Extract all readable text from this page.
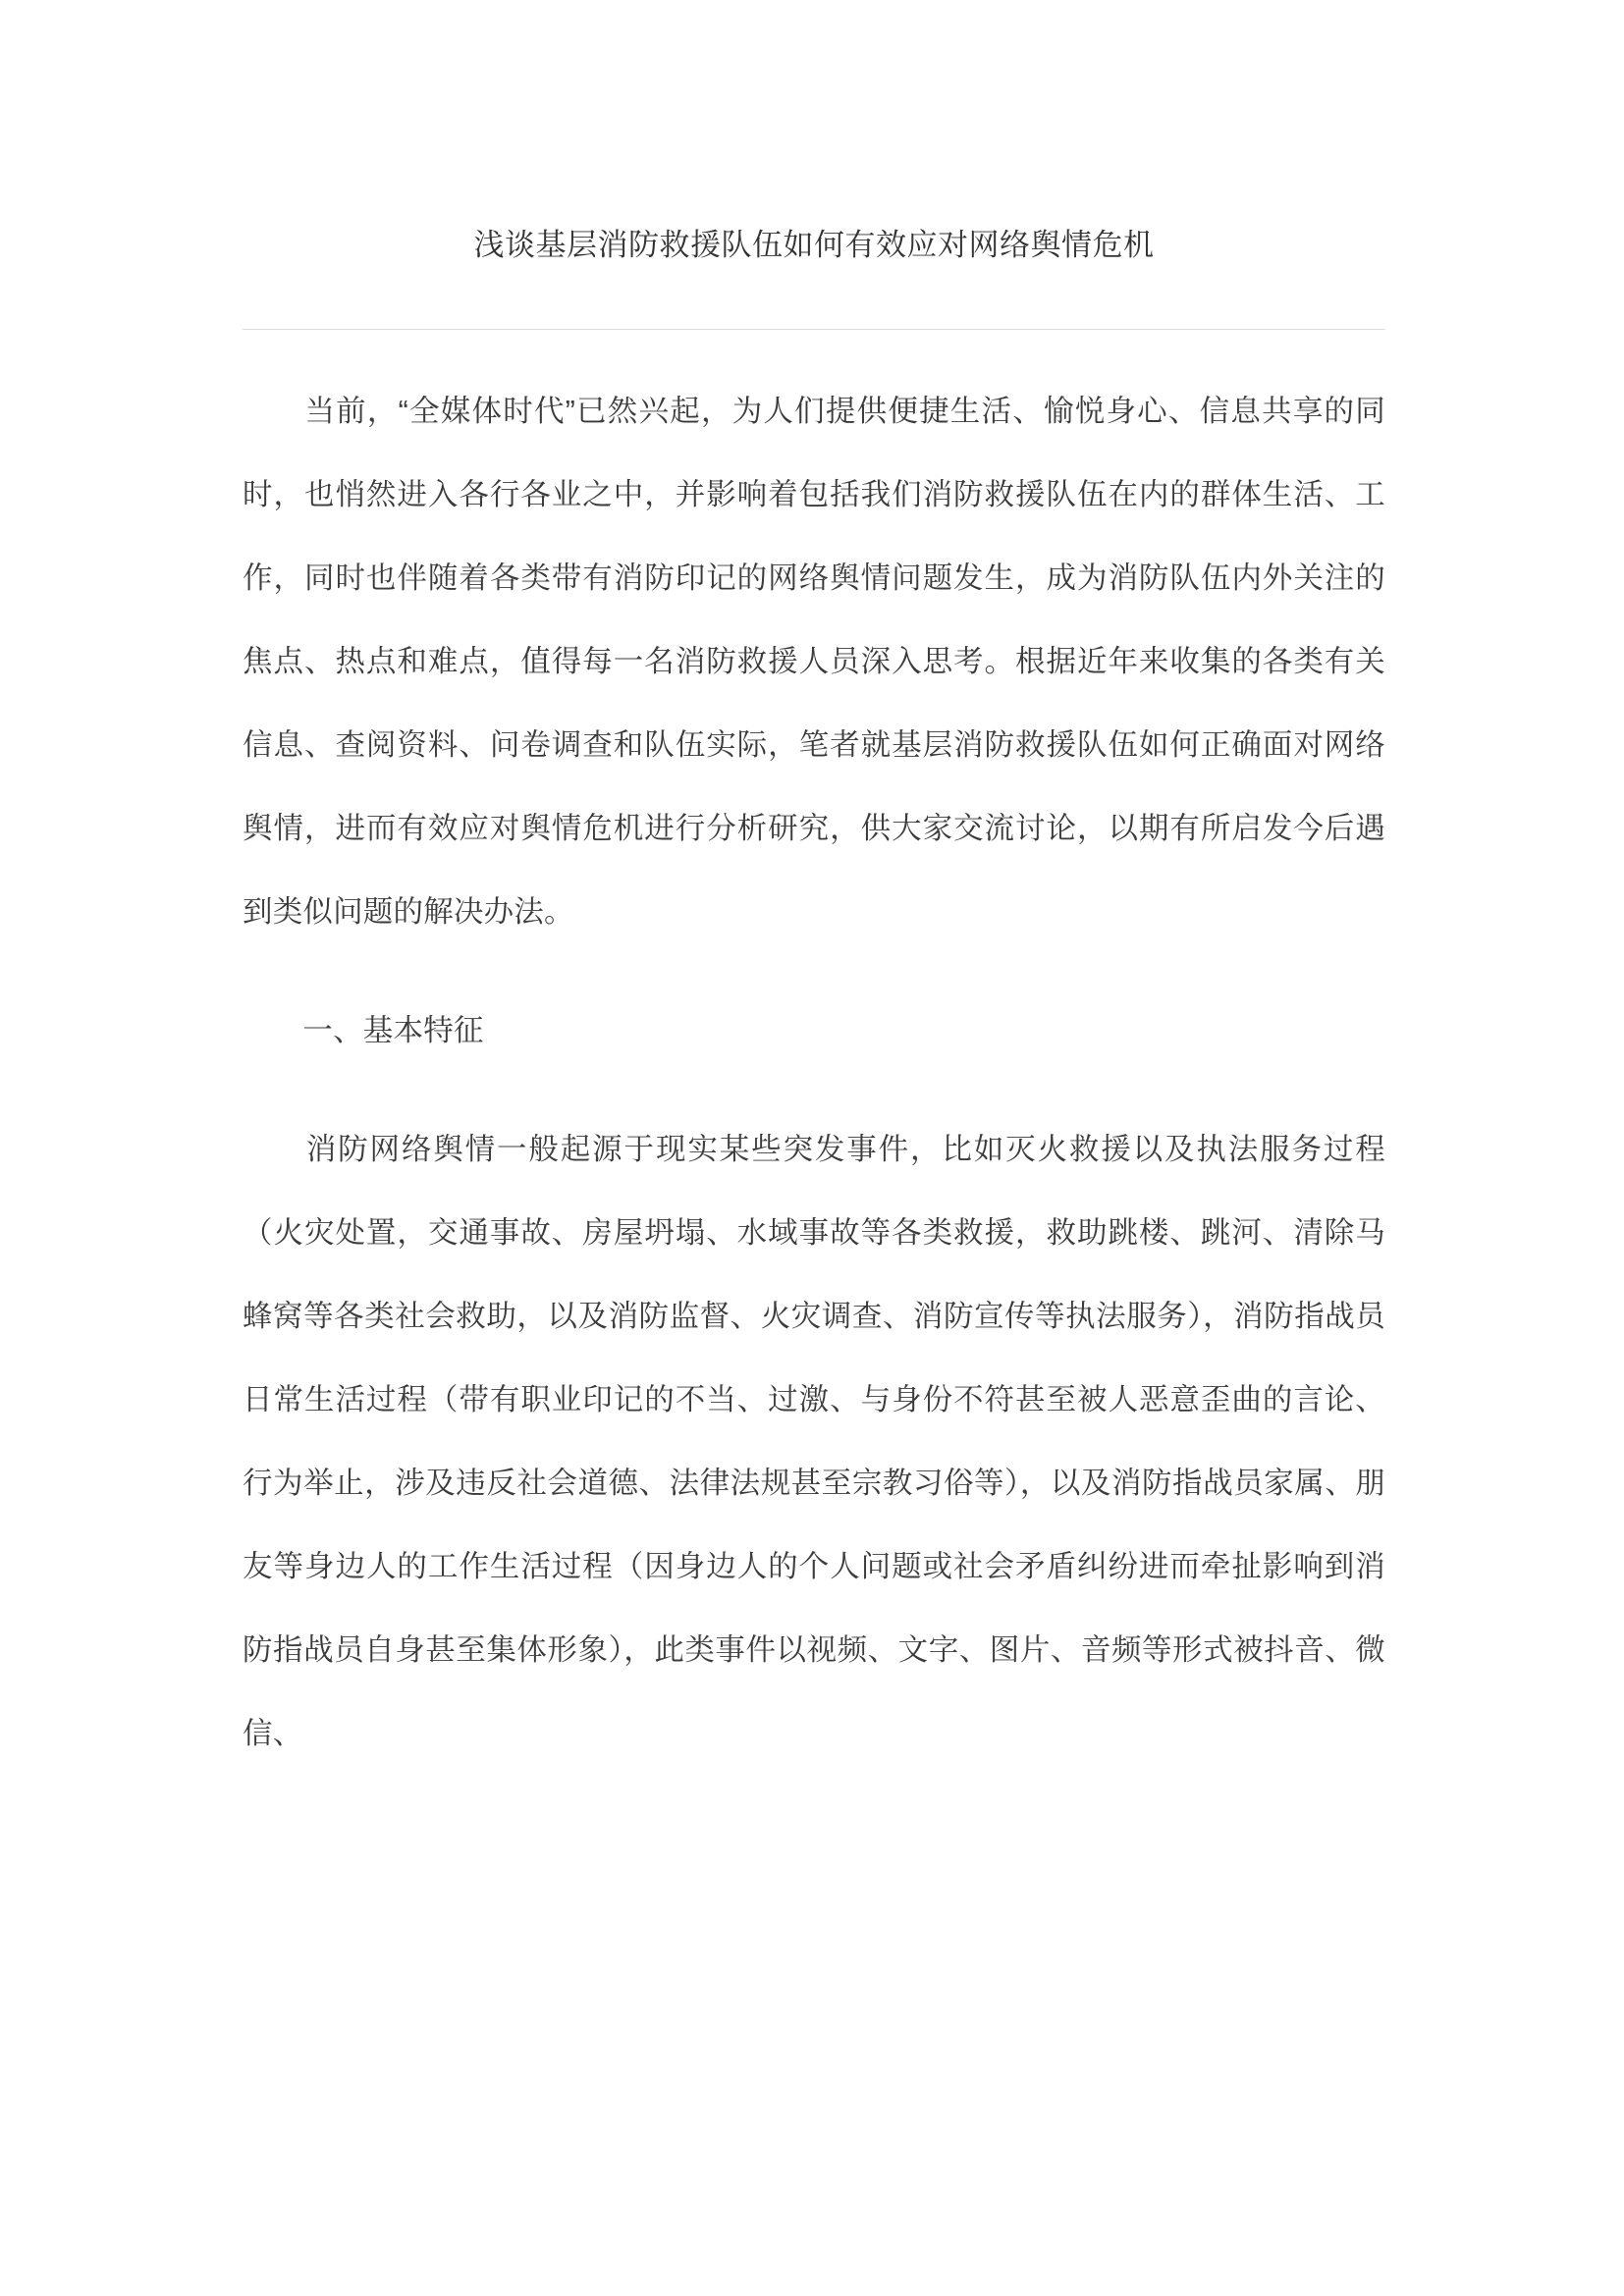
浅谈基层消防救援队伍如何有效应对网络舆情危机

　　当前，“全媒体时代”已然兴起，为人们提供便捷生活、愉悦身心、信息共享的同时，也悄然进入各行各业之中，并影响着包括我们消防救援队伍在内的群体生活、工作，同时也伴随着各类带有消防印记的网络舆情问题发生，成为消防队伍内外关注的焦点、热点和难点，值得每一名消防救援人员深入思考。根据近年来收集的各类有关信息、查阅资料、问卷调查和队伍实际，笔者就基层消防救援队伍如何正确面对网络舆情，进而有效应对舆情危机进行分析研究，供大家交流讨论，以期有所启发今后遇到类似问题的解决办法。

　　一、基本特征

　　消防网络舆情一般起源于现实某些突发事件，比如灭火救援以及执法服务过程（火灾处置，交通事故、房屋坍塌、水域事故等各类救援，救助跳楼、跳河、清除马蜂窝等各类社会救助，以及消防监督、火灾调查、消防宣传等执法服务），消防指战员日常生活过程（带有职业印记的不当、过激、与身份不符甚至被人恶意歪曲的言论、行为举止，涉及违反社会道德、法律法规甚至宗教习俗等），以及消防指战员家属、朋友等身边人的工作生活过程（因身边人的个人问题或社会矛盾纠纷进而牵扯影响到消防指战员自身甚至集体形象），此类事件以视频、文字、图片、音频等形式被抖音、微信、
